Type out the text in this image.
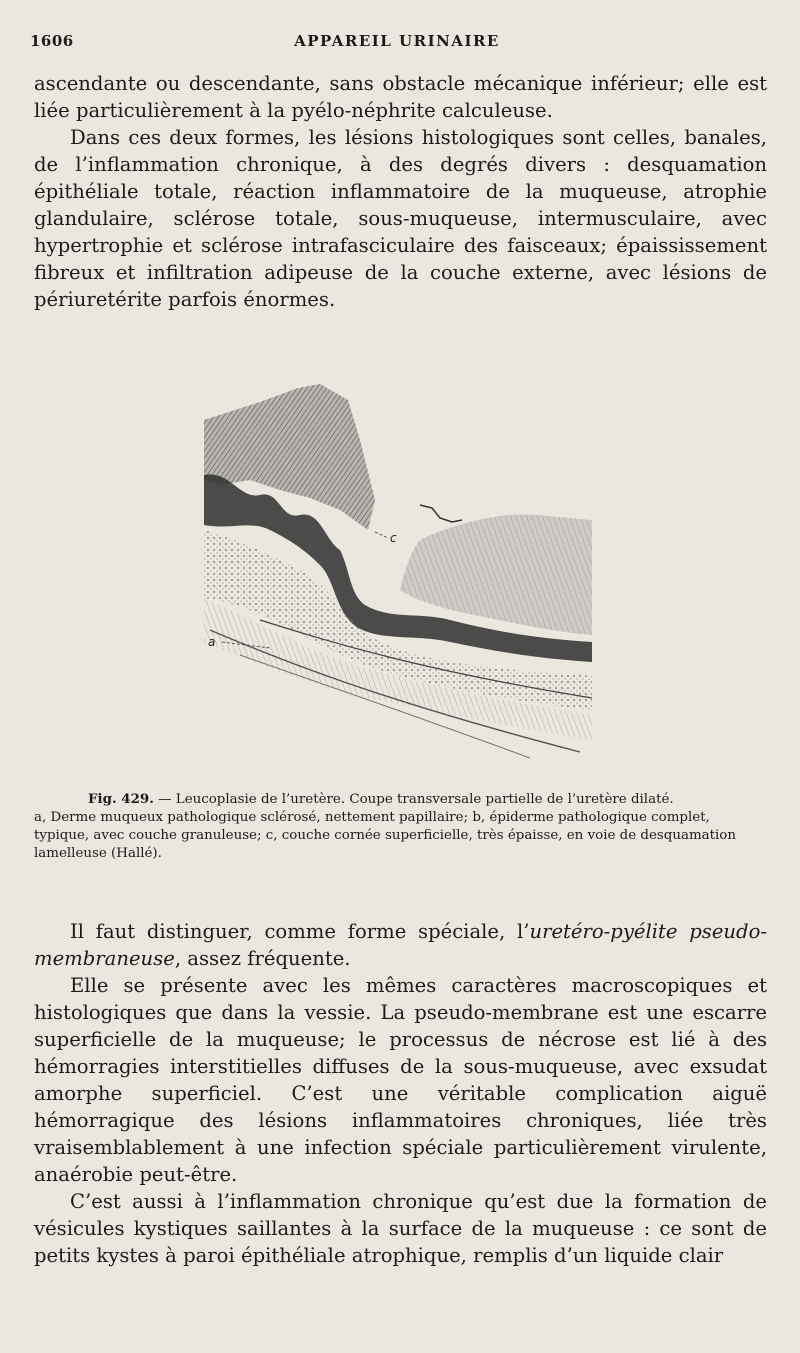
1606	APPAREIL URINAIRE

ascendante ou descendante, sans obstacle mécanique inférieur; elle est liée particulièrement à la pyélo-néphrite calculeuse.

Dans ces deux formes, les lésions histologiques sont celles, banales, de l’inflammation chronique, à des degrés divers : desquamation épithéliale totale, réaction inflammatoire de la muqueuse, atrophie glandulaire, sclérose totale, sous-muqueuse, intermusculaire, avec hypertrophie et sclérose intrafasciculaire des faisceaux; épaississement fibreux et infiltration adipeuse de la couche externe, avec lésions de périuretérite parfois énormes.

c
a

Fig. 429. — Leucoplasie de l’uretère. Coupe transversale partielle de l’uretère dilaté.

a, Derme muqueux pathologique sclérosé, nettement papillaire; b, épiderme pathologique complet, typique, avec couche granuleuse; c, couche cornée superficielle, très épaisse, en voie de desquamation lamelleuse (Hallé).

Il faut distinguer, comme forme spéciale, l’uretéro-pyélite pseudo-membraneuse, assez fréquente.

Elle se présente avec les mêmes caractères macroscopiques et histologiques que dans la vessie. La pseudo-membrane est une escarre superficielle de la muqueuse; le processus de nécrose est lié à des hémorragies interstitielles diffuses de la sous-muqueuse, avec exsudat amorphe superficiel. C’est une véritable complication aiguë hémorragique des lésions inflammatoires chroniques, liée très vraisemblablement à une infection spéciale particulièrement virulente, anaérobie peut-être.

C’est aussi à l’inflammation chronique qu’est due la formation de vésicules kystiques saillantes à la surface de la muqueuse : ce sont de petits kystes à paroi épithéliale atrophique, remplis d’un liquide clair
